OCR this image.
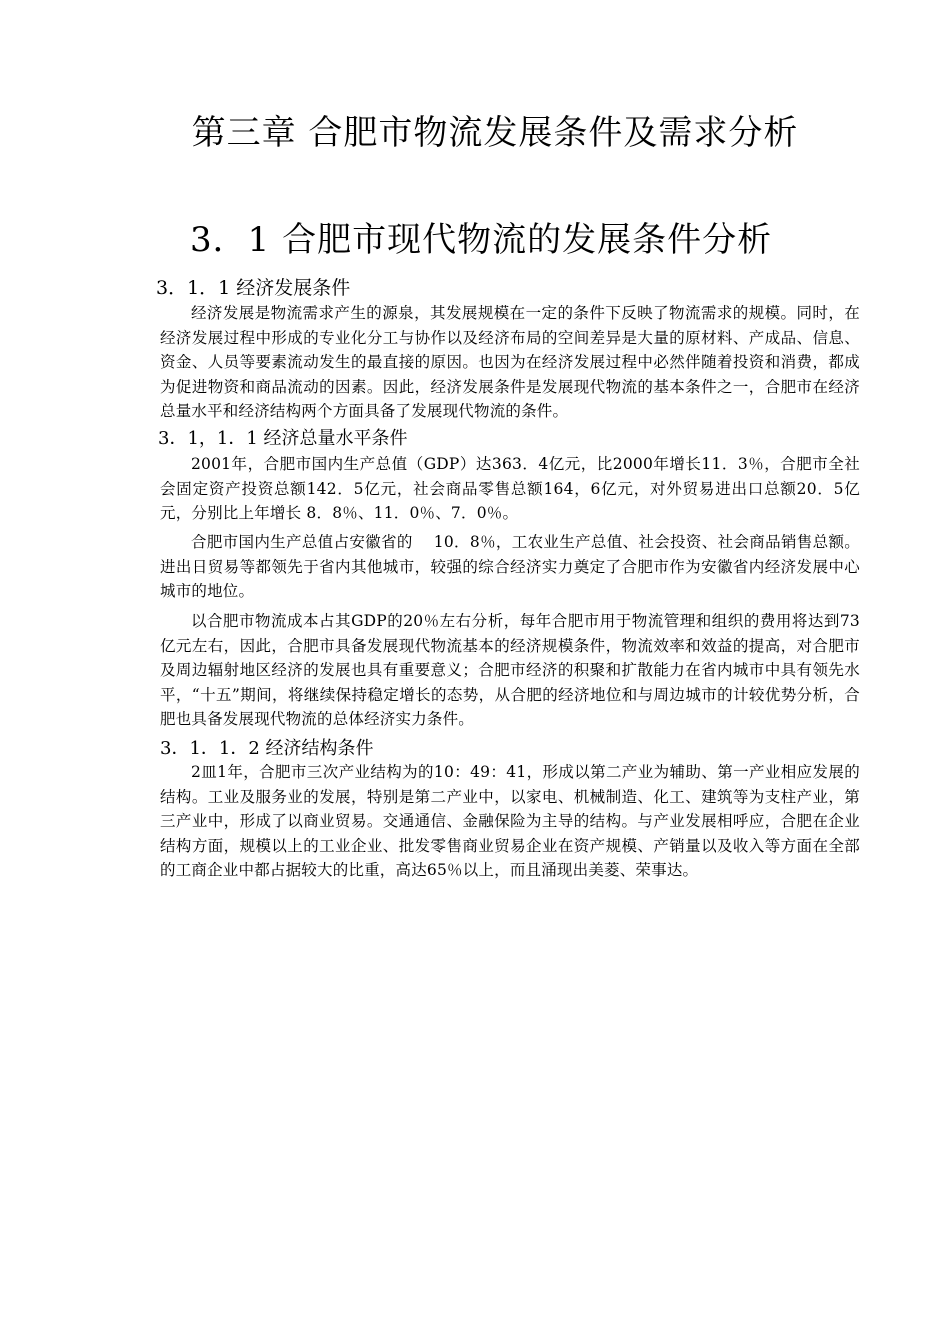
第三章 合肥市物流发展条件及需求分析
3．1 合肥市现代物流的发展条件分析
3．1．1 经济发展条件

经济发展是物流需求产生的源泉，其发展规模在一定的条件下反映了物流需求的规模。同时，在经济发展过程中形成的专业化分工与协作以及经济布局的空间差异是大量的原材料、产成品、信息、资金、人员等要素流动发生的最直接的原因。也因为在经济发展过程中必然伴随着投资和消费，都成为促进物资和商品流动的因素。因此，经济发展条件是发展现代物流的基本条件之一，合肥市在经济总量水平和经济结构两个方面具备了发展现代物流的条件。

3．1，1．1 经济总量水平条件

2001年，合肥市国内生产总值（GDP）达363．4亿元，比2000年增长11．3％，合肥市全社会固定资产投资总额142．5亿元，社会商品零售总额164，6亿元，对外贸易进出口总额20．5亿元，分别比上年增长 8．8％、11．0％、7．0％。

合肥市国内生产总值占安徽省的　 10．8％，工农业生产总值、社会投资、社会商品销售总额。进出日贸易等都领先于省内其他城市，较强的综合经济实力奠定了合肥市作为安徽省内经济发展中心城市的地位。

以合肥市物流成本占其GDP的20％左右分析，每年合肥市用于物流管理和组织的费用将达到73亿元左右，因此，合肥市具备发展现代物流基本的经济规模条件，物流效率和效益的提高，对合肥市及周边辐射地区经济的发展也具有重要意义；合肥市经济的积聚和扩散能力在省内城市中具有领先水平，“十五”期间，将继续保持稳定增长的态势，从合肥的经济地位和与周边城市的计较优势分析，合肥也具备发展现代物流的总体经济实力条件。

3．1．1．2 经济结构条件

2皿1年，合肥市三次产业结构为的10：49：41，形成以第二产业为辅助、第一产业相应发展的结构。工业及服务业的发展，特别是第二产业中，以家电、机械制造、化工、建筑等为支柱产业，第三产业中，形成了以商业贸易。交通通信、金融保险为主导的结构。与产业发展相呼应，合肥在企业结构方面，规模以上的工业企业、批发零售商业贸易企业在资产规模、产销量以及收入等方面在全部的工商企业中都占据较大的比重，高达65％以上，而且涌现出美菱、荣事达。
